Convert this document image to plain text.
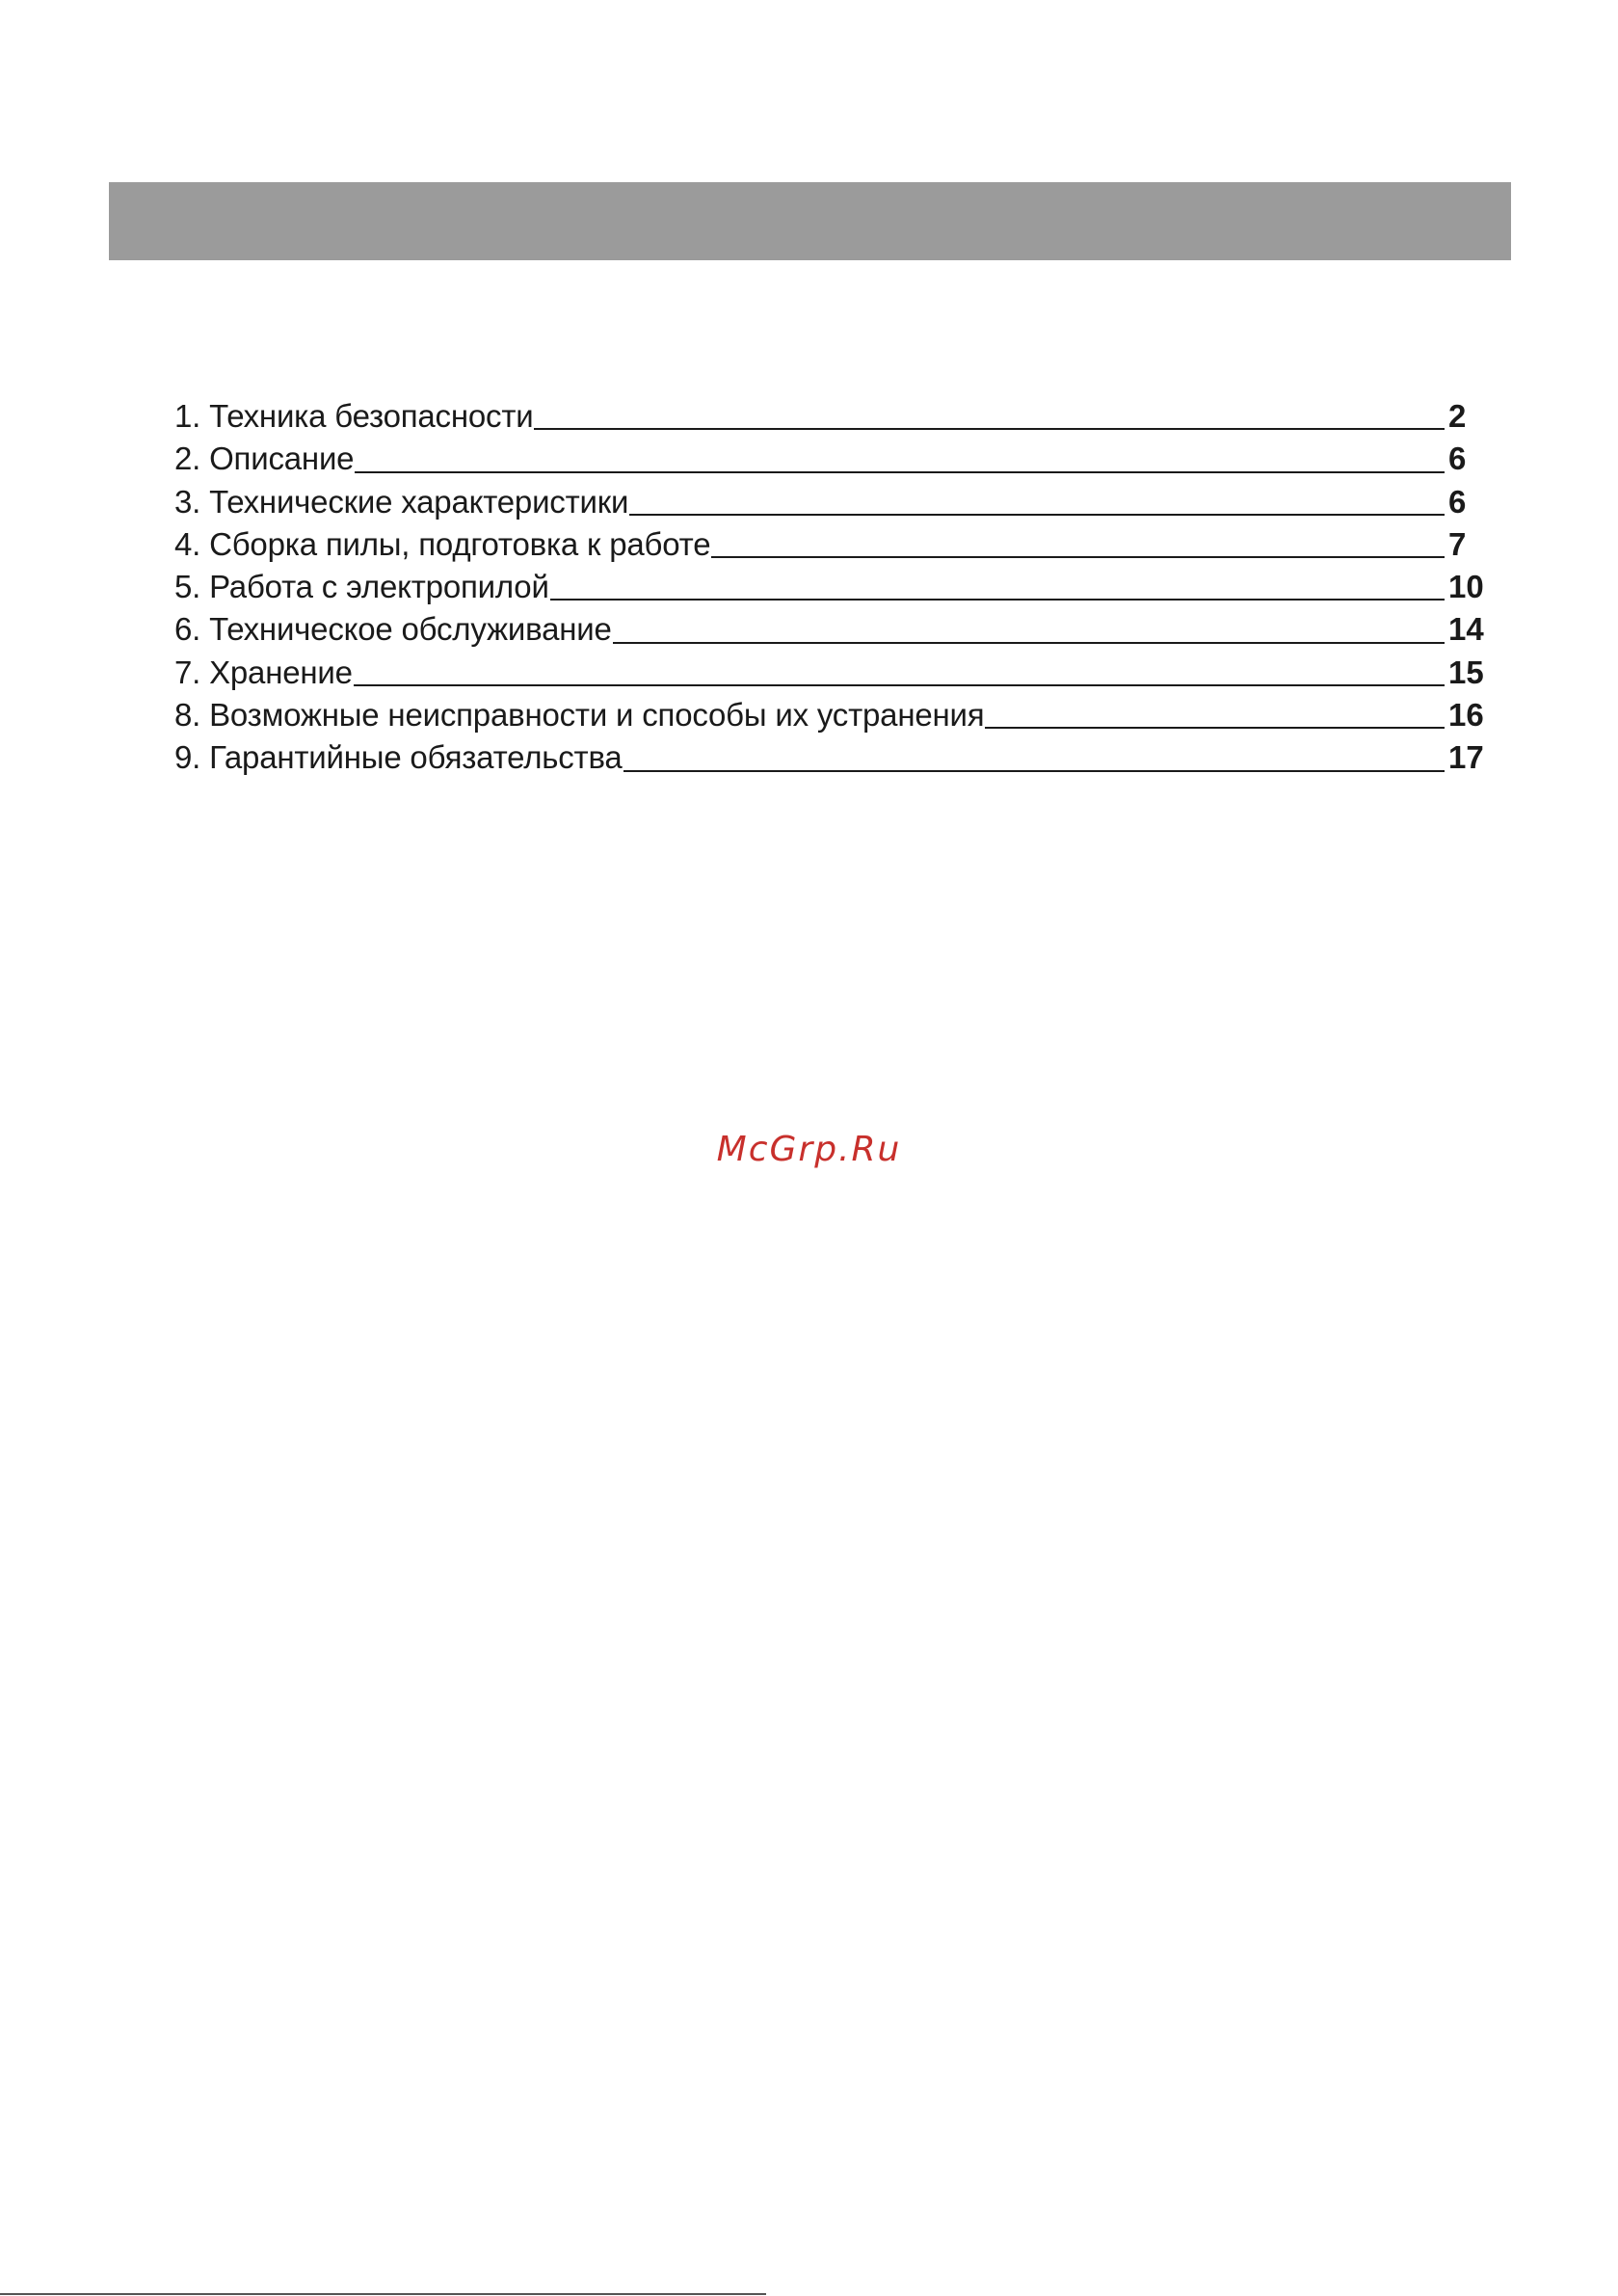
1. Техника безопасности	2
2. Описание	6
3. Технические характеристики	6
4. Сборка пилы, подготовка к работе	7
5. Работа с электропилой	10
6. Техническое обслуживание	14
7. Хранение	15
8. Возможные неисправности и способы их устранения	16
9. Гарантийные обязательства	17
McGrp.Ru
